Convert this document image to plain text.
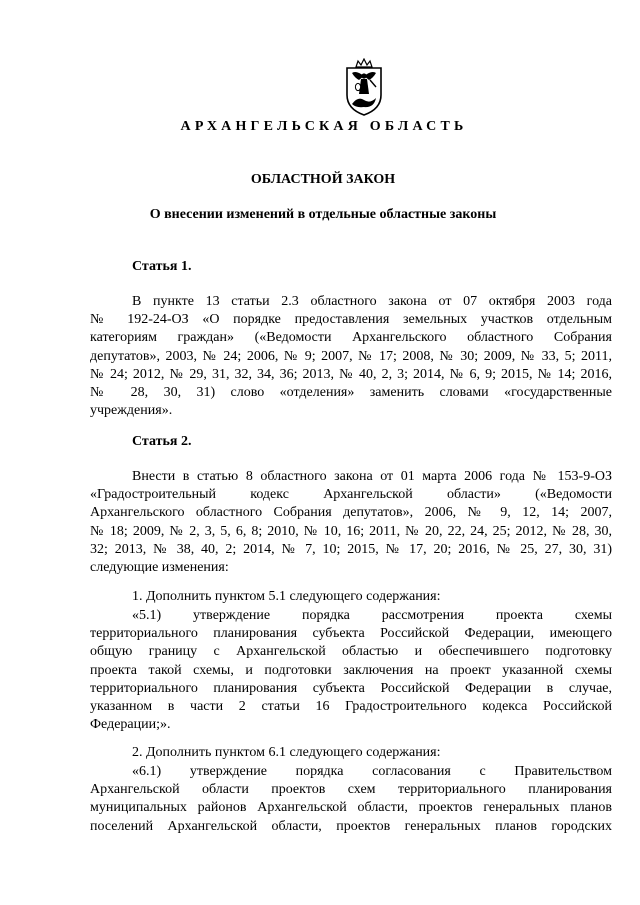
АРХАНГЕЛЬСКАЯ ОБЛАСТЬ
ОБЛАСТНОЙ ЗАКОН
О внесении изменений в отдельные областные законы
Статья 1.
В пункте 13 статьи 2.3 областного закона от 07 октября 2003 года
№ 192-24-ОЗ «О порядке предоставления земельных участков отдельным
категориям граждан» («Ведомости Архангельского областного Собрания
депутатов», 2003, № 24; 2006, № 9; 2007, № 17; 2008, № 30; 2009, № 33, 5; 2011,
№ 24; 2012, № 29, 31, 32, 34, 36; 2013, № 40, 2, 3; 2014, № 6, 9; 2015, № 14; 2016,
№ 28, 30, 31) слово «отделения» заменить словами «государственные
учреждения».
Статья 2.
Внести в статью 8 областного закона от 01 марта 2006 года № 153-9-ОЗ
«Градостроительный кодекс Архангельской области» («Ведомости
Архангельского областного Собрания депутатов», 2006, № 9, 12, 14; 2007,
№ 18; 2009, № 2, 3, 5, 6, 8; 2010, № 10, 16; 2011, № 20, 22, 24, 25; 2012, № 28, 30,
32; 2013, № 38, 40, 2; 2014, № 7, 10; 2015, № 17, 20; 2016, № 25, 27, 30, 31)
следующие изменения:
1. Дополнить пунктом 5.1 следующего содержания:
«5.1) утверждение порядка рассмотрения проекта схемы
территориального планирования субъекта Российской Федерации, имеющего
общую границу с Архангельской областью и обеспечившего подготовку
проекта такой схемы, и подготовки заключения на проект указанной схемы
территориального планирования субъекта Российской Федерации в случае,
указанном в части 2 статьи 16 Градостроительного кодекса Российской
Федерации;».
2. Дополнить пунктом 6.1 следующего содержания:
«6.1) утверждение порядка согласования с Правительством
Архангельской области проектов схем территориального планирования
муниципальных районов Архангельской области, проектов генеральных планов
поселений Архангельской области, проектов генеральных планов городских
